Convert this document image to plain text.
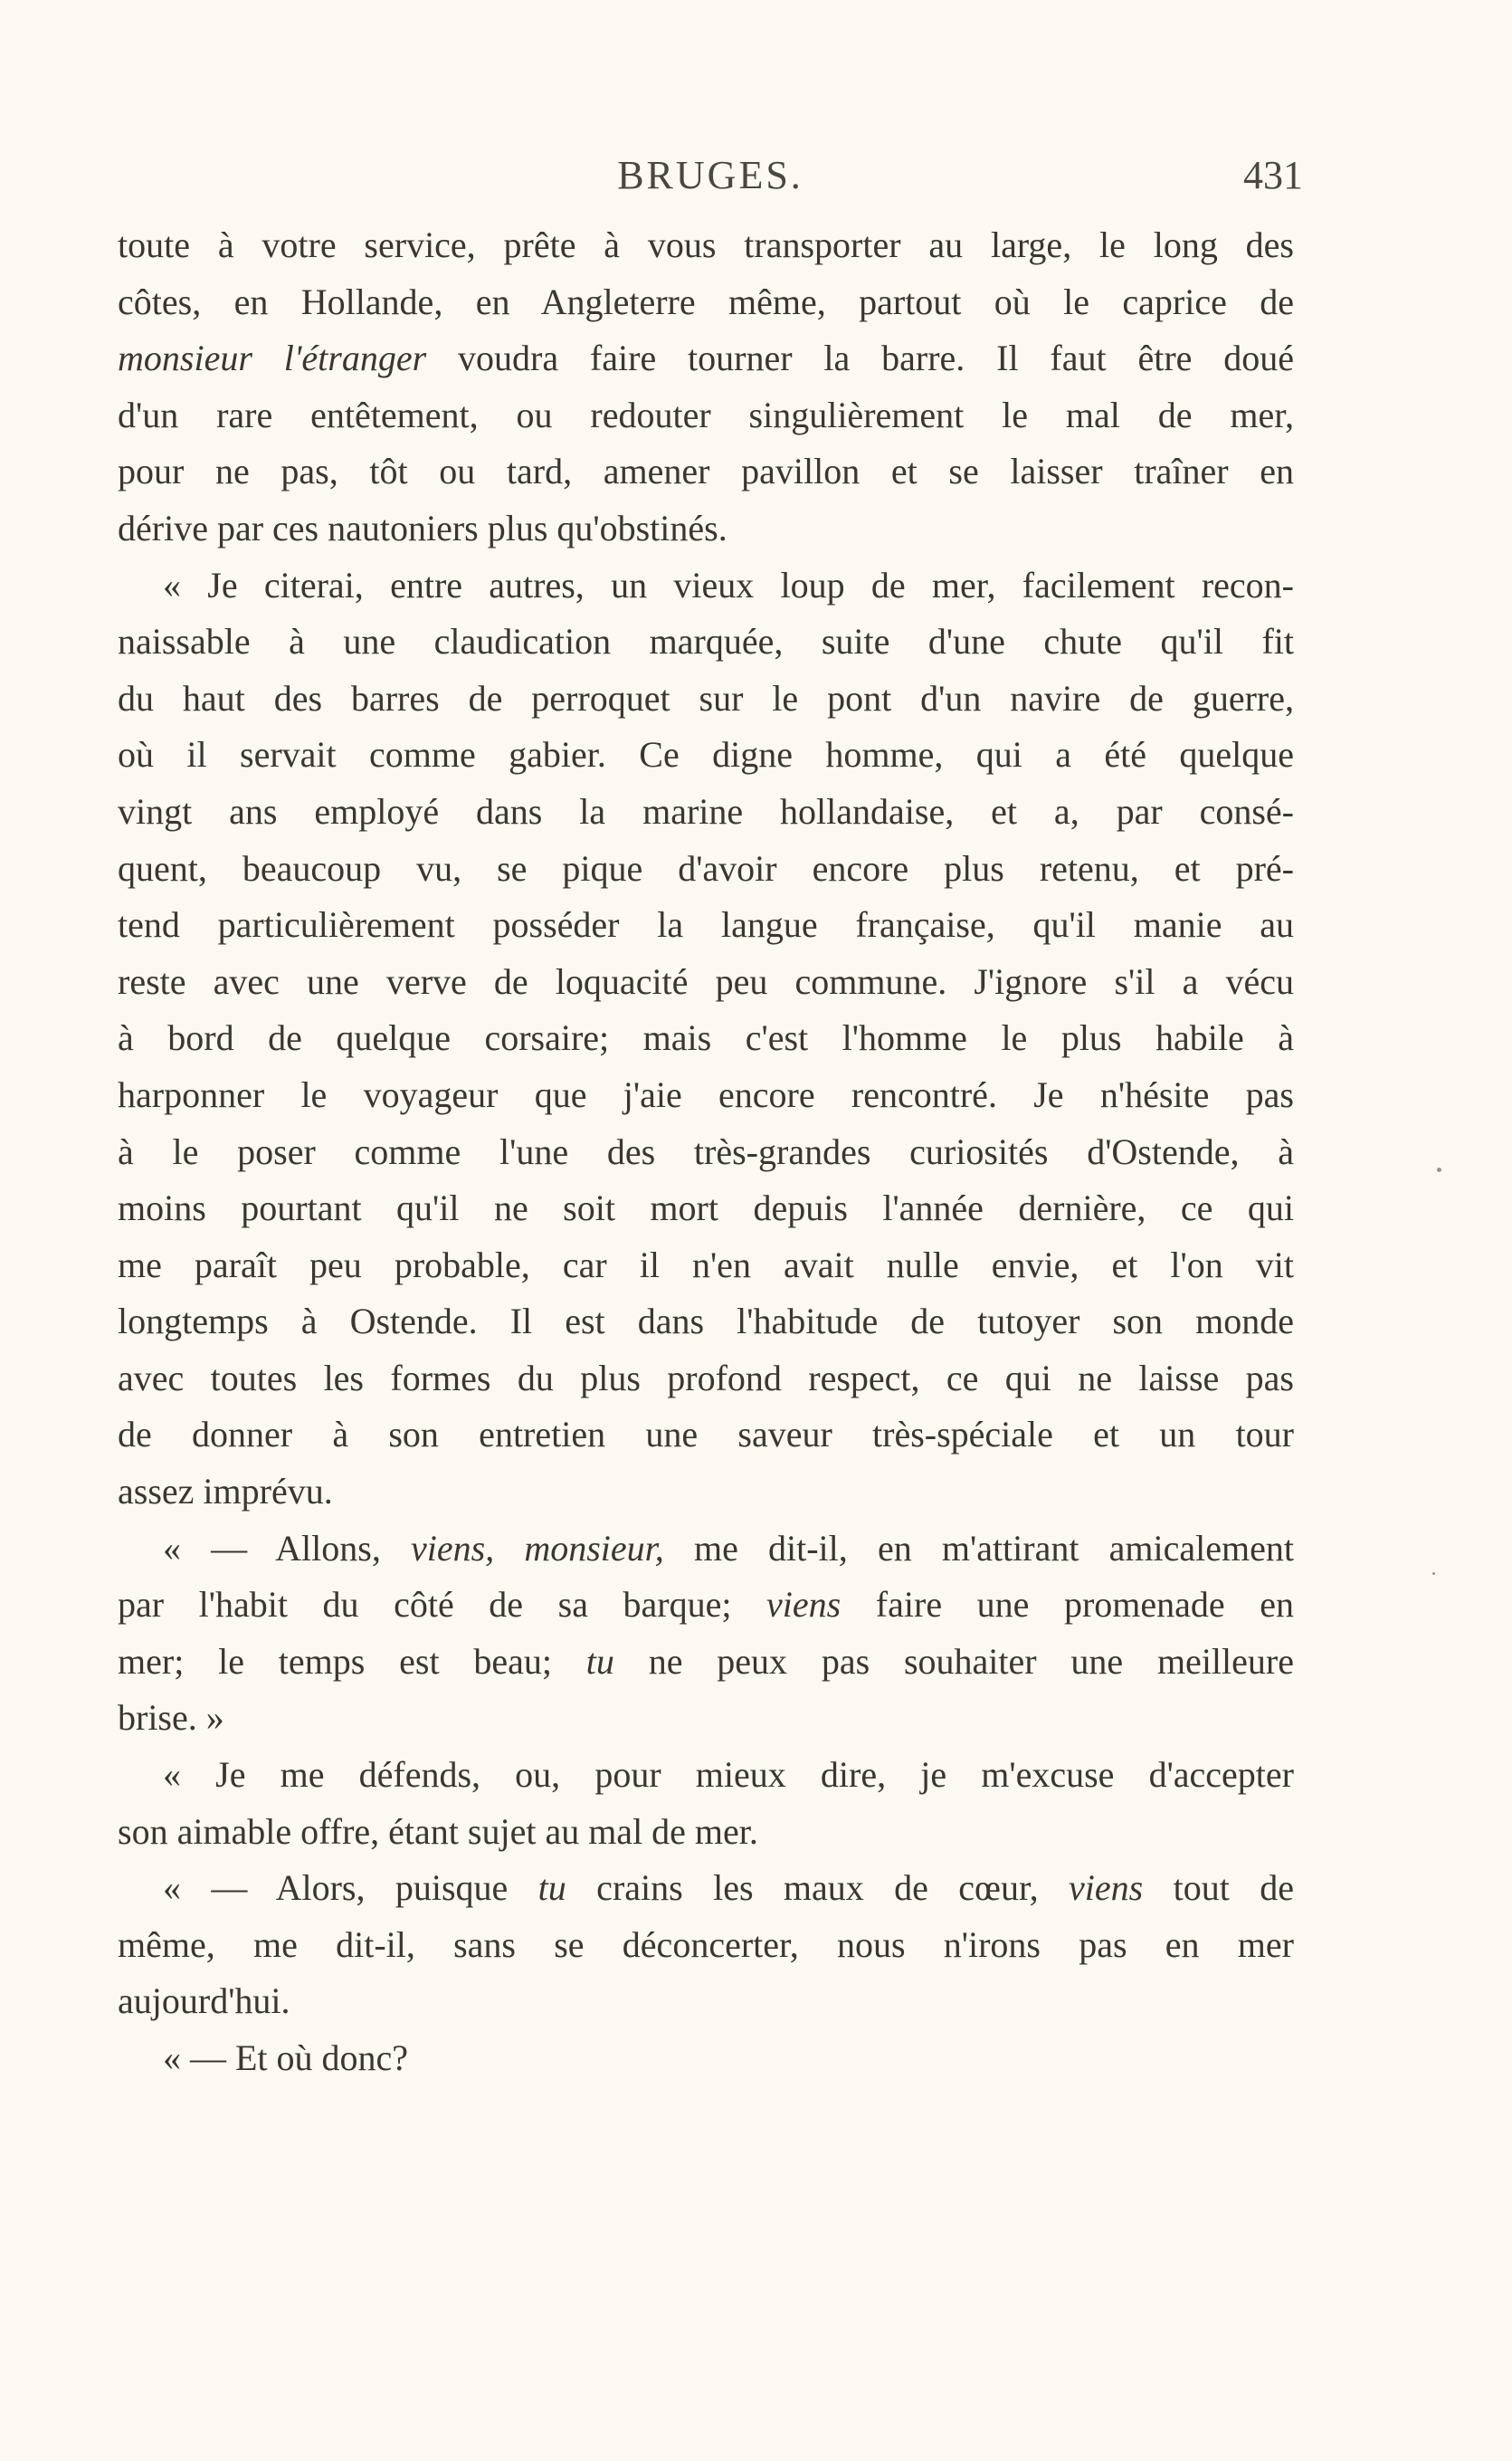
BRUGES.	431
toute à votre service, prête à vous transporter au large, le long des
côtes, en Hollande, en Angleterre même, partout où le caprice de
monsieur l'étranger voudra faire tourner la barre. Il faut être doué
d'un rare entêtement, ou redouter singulièrement le mal de mer,
pour ne pas, tôt ou tard, amener pavillon et se laisser traîner en
dérive par ces nautoniers plus qu'obstinés.
« Je citerai, entre autres, un vieux loup de mer, facilement recon-
naissable à une claudication marquée, suite d'une chute qu'il fit
du haut des barres de perroquet sur le pont d'un navire de guerre,
où il servait comme gabier. Ce digne homme, qui a été quelque
vingt ans employé dans la marine hollandaise, et a, par consé-
quent, beaucoup vu, se pique d'avoir encore plus retenu, et pré-
tend particulièrement posséder la langue française, qu'il manie au
reste avec une verve de loquacité peu commune. J'ignore s'il a vécu
à bord de quelque corsaire; mais c'est l'homme le plus habile à
harponner le voyageur que j'aie encore rencontré. Je n'hésite pas
à le poser comme l'une des très-grandes curiosités d'Ostende, à
moins pourtant qu'il ne soit mort depuis l'année dernière, ce qui
me paraît peu probable, car il n'en avait nulle envie, et l'on vit
longtemps à Ostende. Il est dans l'habitude de tutoyer son monde
avec toutes les formes du plus profond respect, ce qui ne laisse pas
de donner à son entretien une saveur très-spéciale et un tour
assez imprévu.
« — Allons, viens, monsieur, me dit-il, en m'attirant amicalement
par l'habit du côté de sa barque; viens faire une promenade en
mer; le temps est beau; tu ne peux pas souhaiter une meilleure
brise. »
« Je me défends, ou, pour mieux dire, je m'excuse d'accepter
son aimable offre, étant sujet au mal de mer.
« — Alors, puisque tu crains les maux de cœur, viens tout de
même, me dit-il, sans se déconcerter, nous n'irons pas en mer
aujourd'hui.
« — Et où donc?
